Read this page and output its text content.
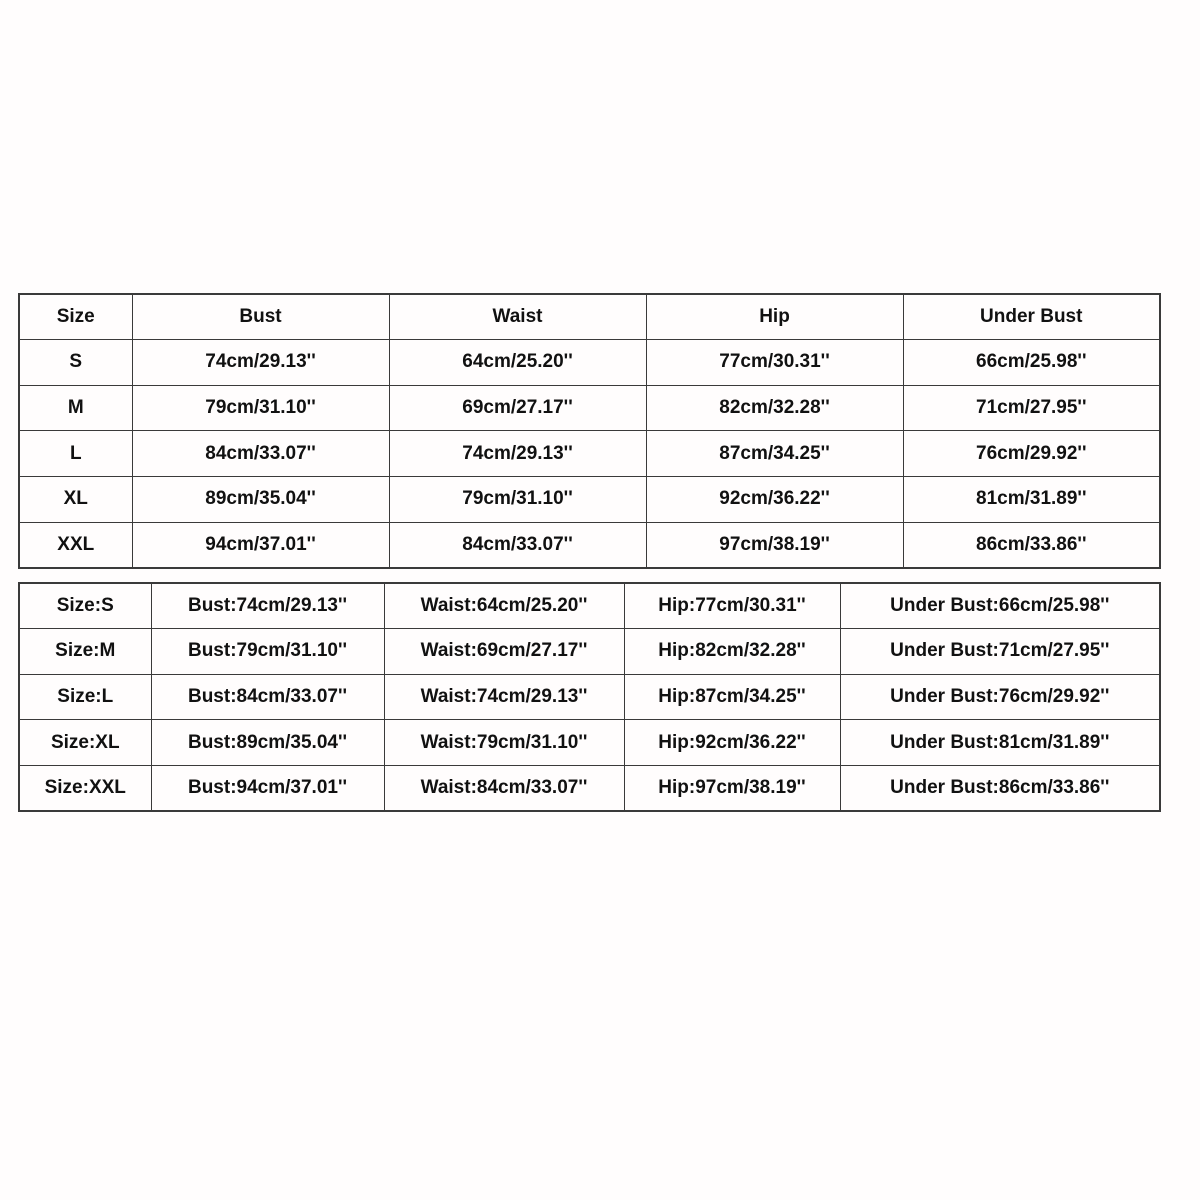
Size	Bust	Waist	Hip	Under Bust
S	74cm/29.13''	64cm/25.20''	77cm/30.31''	66cm/25.98''
M	79cm/31.10''	69cm/27.17''	82cm/32.28''	71cm/27.95''
L	84cm/33.07''	74cm/29.13''	87cm/34.25''	76cm/29.92''
XL	89cm/35.04''	79cm/31.10''	92cm/36.22''	81cm/31.89''
XXL	94cm/37.01''	84cm/33.07''	97cm/38.19''	86cm/33.86''
Size:S	Bust:74cm/29.13''	Waist:64cm/25.20''	Hip:77cm/30.31''	Under Bust:66cm/25.98''
Size:M	Bust:79cm/31.10''	Waist:69cm/27.17''	Hip:82cm/32.28''	Under Bust:71cm/27.95''
Size:L	Bust:84cm/33.07''	Waist:74cm/29.13''	Hip:87cm/34.25''	Under Bust:76cm/29.92''
Size:XL	Bust:89cm/35.04''	Waist:79cm/31.10''	Hip:92cm/36.22''	Under Bust:81cm/31.89''
Size:XXL	Bust:94cm/37.01''	Waist:84cm/33.07''	Hip:97cm/38.19''	Under Bust:86cm/33.86''
